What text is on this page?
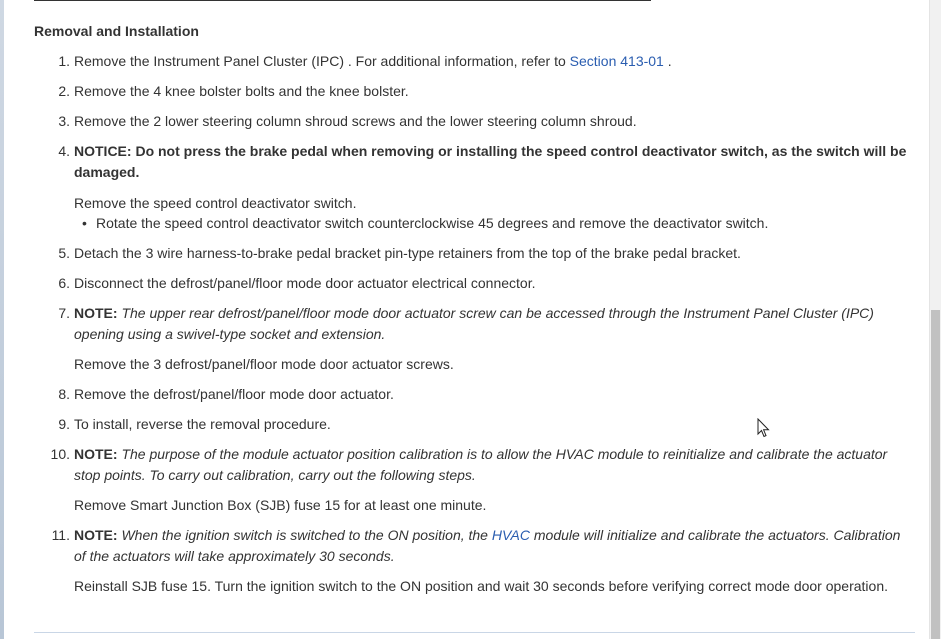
Removal and Installation
1. Remove the Instrument Panel Cluster (IPC) . For additional information, refer to Section 413-01 .
2. Remove the 4 knee bolster bolts and the knee bolster.
3. Remove the 2 lower steering column shroud screws and the lower steering column shroud.
4. NOTICE: Do not press the brake pedal when removing or installing the speed control deactivator switch, as the switch will be
damaged.
Remove the speed control deactivator switch.
• Rotate the speed control deactivator switch counterclockwise 45 degrees and remove the deactivator switch.
5. Detach the 3 wire harness-to-brake pedal bracket pin-type retainers from the top of the brake pedal bracket.
6. Disconnect the defrost/panel/floor mode door actuator electrical connector.
7. NOTE: The upper rear defrost/panel/floor mode door actuator screw can be accessed through the Instrument Panel Cluster (IPC)
opening using a swivel-type socket and extension.
Remove the 3 defrost/panel/floor mode door actuator screws.
8. Remove the defrost/panel/floor mode door actuator.
9. To install, reverse the removal procedure.
10. NOTE: The purpose of the module actuator position calibration is to allow the HVAC module to reinitialize and calibrate the actuator
stop points. To carry out calibration, carry out the following steps.
Remove Smart Junction Box (SJB) fuse 15 for at least one minute.
11. NOTE: When the ignition switch is switched to the ON position, the HVAC module will initialize and calibrate the actuators. Calibration
of the actuators will take approximately 30 seconds.
Reinstall SJB fuse 15. Turn the ignition switch to the ON position and wait 30 seconds before verifying correct mode door operation.
